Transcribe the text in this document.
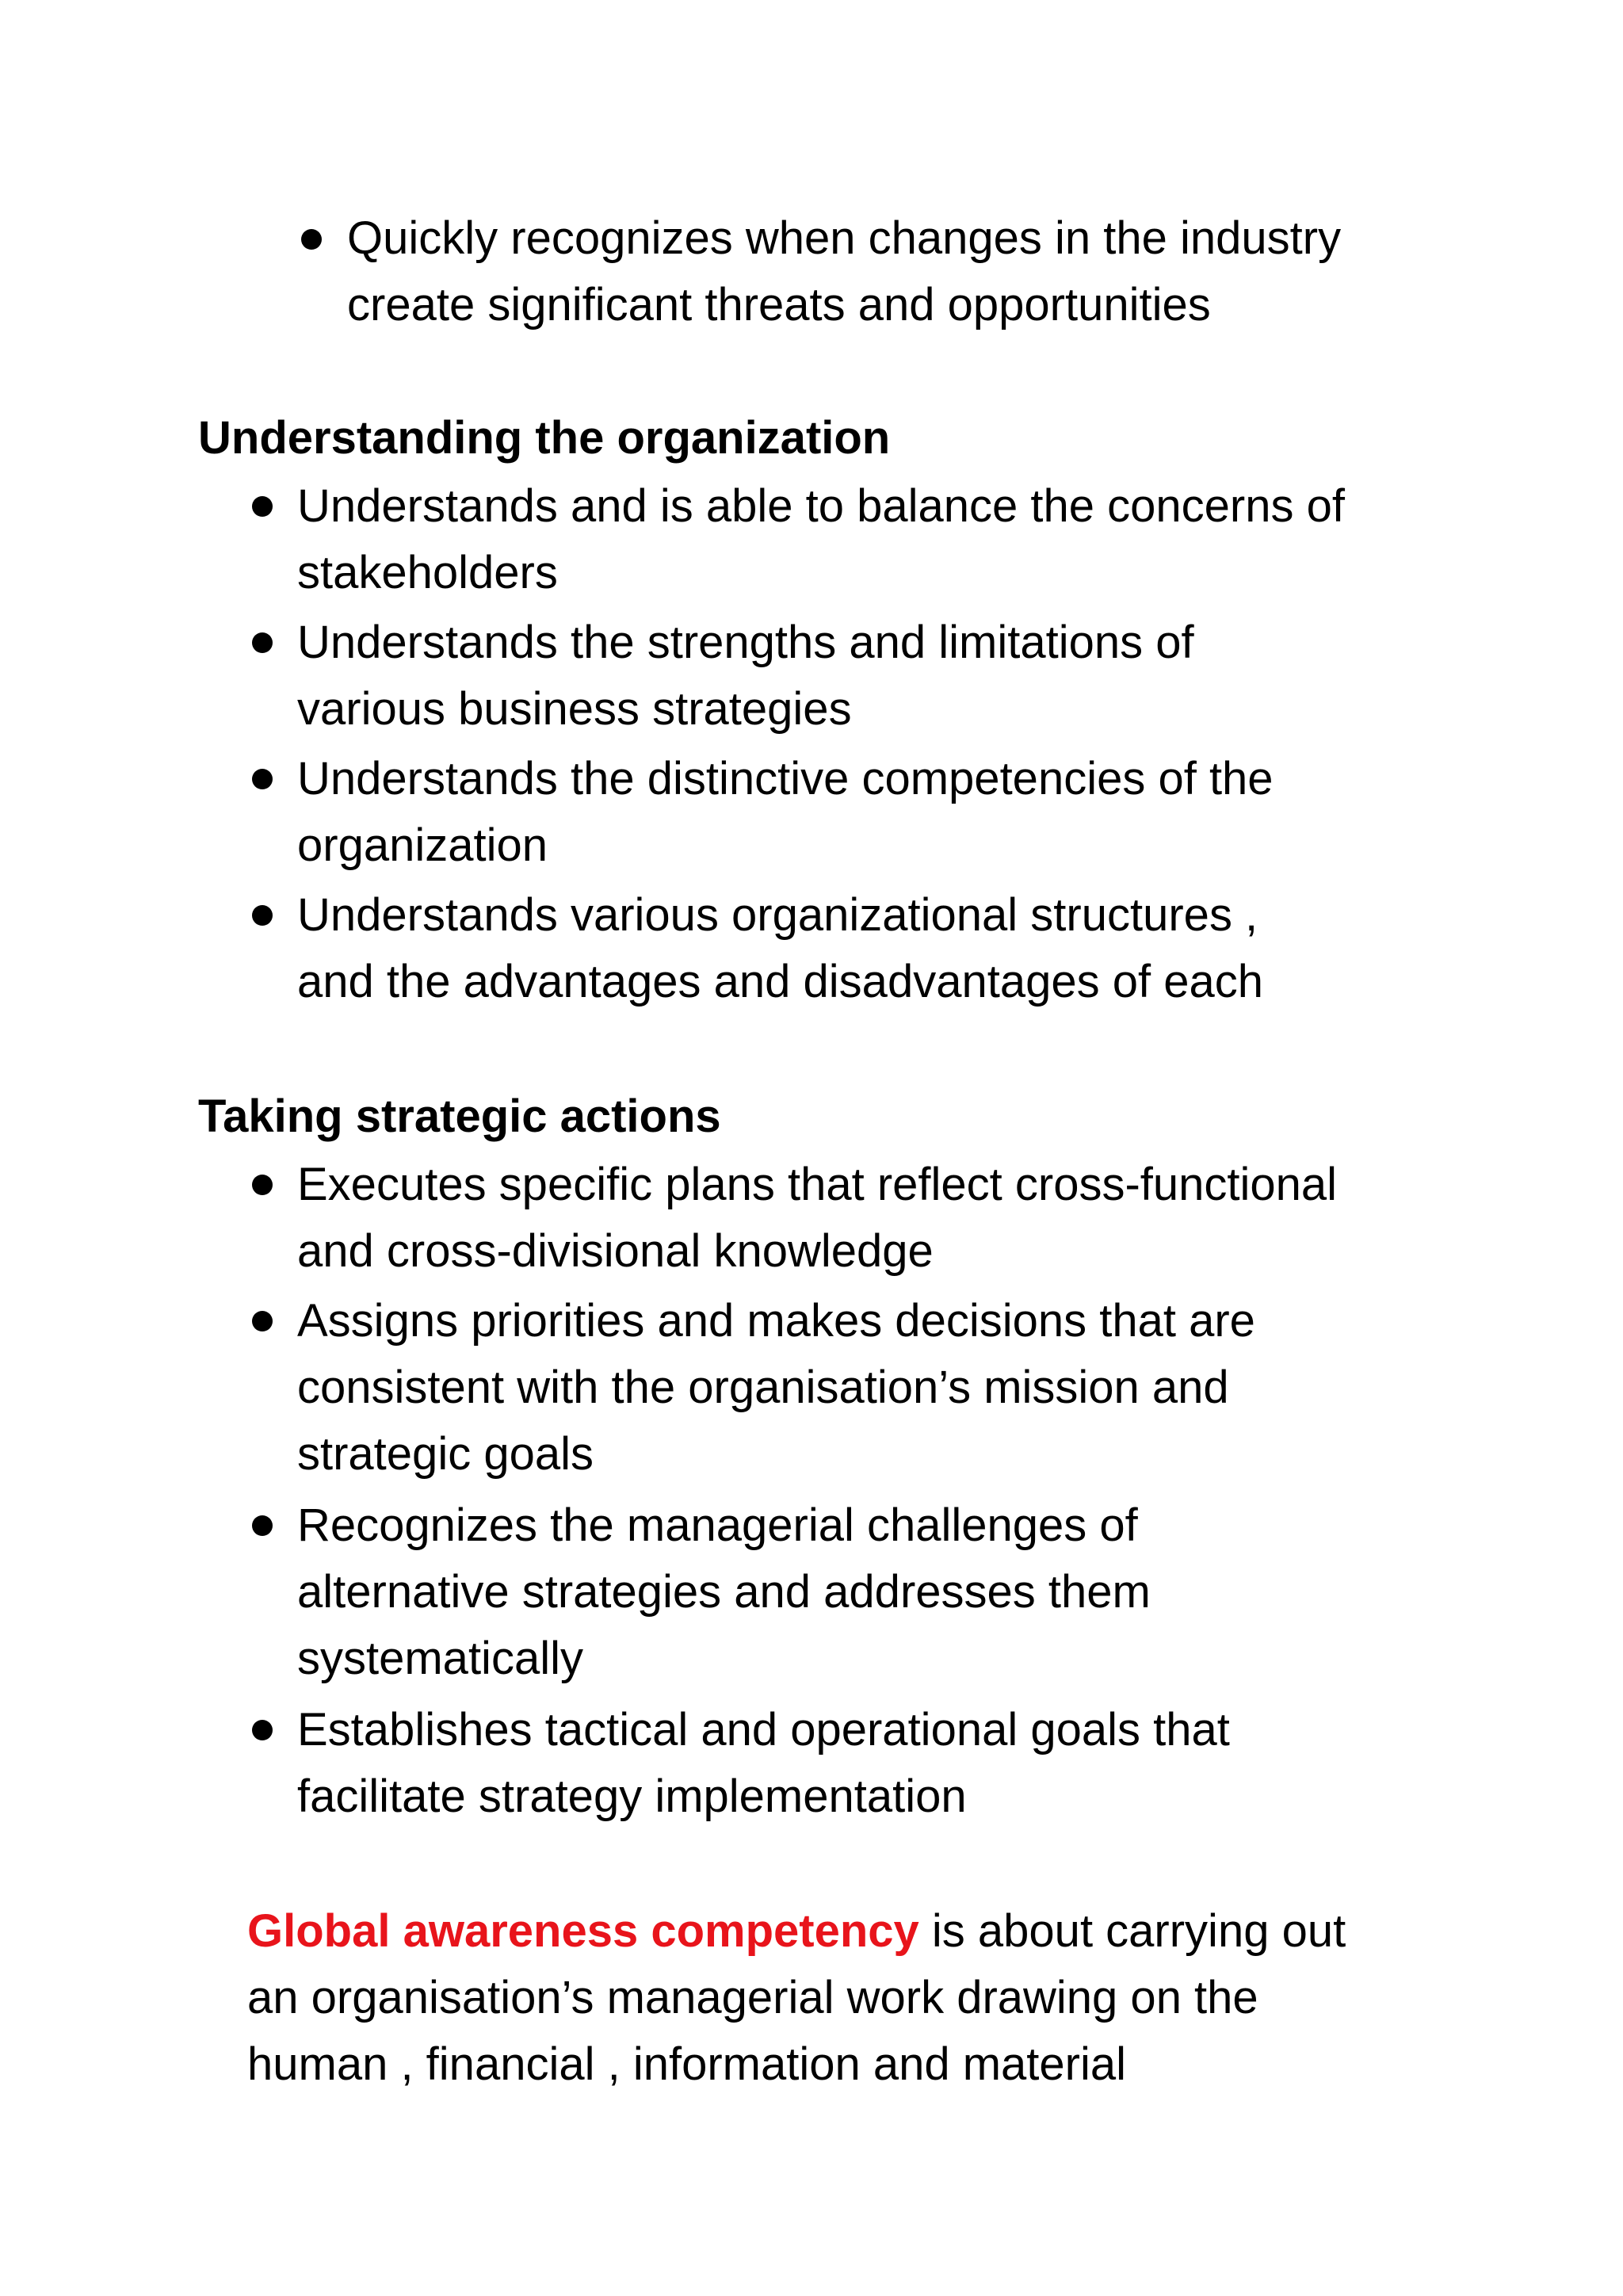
Quickly recognizes when changes in the industry
create significant threats and opportunities
Understanding the organization
Understands and is able to balance the concerns of
stakeholders
Understands the strengths and limitations of
various business strategies
Understands the distinctive competencies of the
organization
Understands various organizational structures ,
and the advantages and disadvantages of each
Taking strategic actions
Executes specific plans that reflect cross-functional
and cross-divisional knowledge
Assigns priorities and makes decisions that are
consistent with the organisation’s mission and
strategic goals
Recognizes the managerial challenges of
alternative strategies and addresses them
systematically
Establishes tactical and operational goals that
facilitate strategy implementation
Global awareness competency is about carrying out
an organisation’s managerial work drawing on the
human , financial , information and material
